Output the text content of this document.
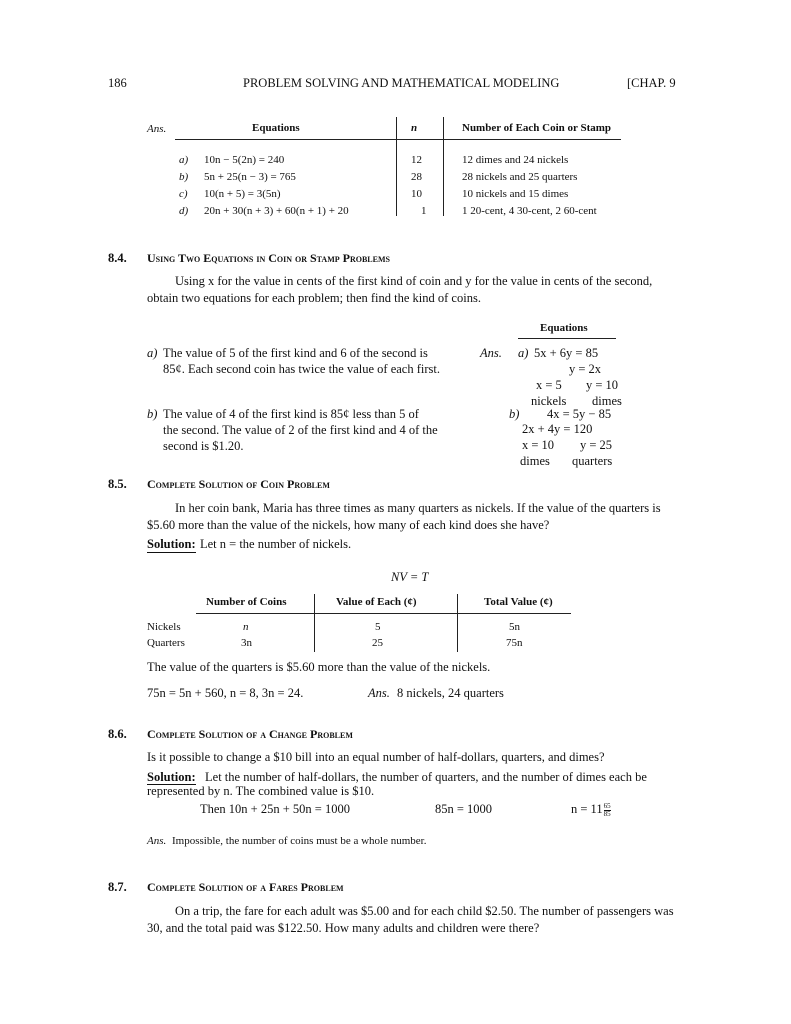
186	PROBLEM SOLVING AND MATHEMATICAL MODELING	[CHAP. 9
Ans.	Equations	n	Number of Each Coin or Stamp
a) 10n − 5(2n) = 240	12	12 dimes and 24 nickels
b) 5n + 25(n − 3) = 765	28	28 nickels and 25 quarters
c) 10(n + 5) = 3(5n)	10	10 nickels and 15 dimes
d) 20n + 30(n + 3) + 60(n + 1) + 20	1	1 20-cent, 4 30-cent, 2 60-cent
8.4. Using Two Equations in Coin or Stamp Problems
Using x for the value in cents of the first kind of coin and y for the value in cents of the second, obtain two equations for each problem; then find the kind of coins.
Equations
a) The value of 5 of the first kind and 6 of the second is
85¢. Each second coin has twice the value of each first.
Ans. a) 5x + 6y = 85
y = 2x
x = 5 y = 10
nickels dimes
b) The value of 4 of the first kind is 85¢ less than 5 of
the second. The value of 2 of the first kind and 4 of the
second is $1.20.
b) 4x = 5y − 85
2x + 4y = 120
x = 10 y = 25
dimes quarters
8.5. Complete Solution of Coin Problem
In her coin bank, Maria has three times as many quarters as nickels. If the value of the quarters is $5.60 more than the value of the nickels, how many of each kind does she have?
Solution: Let n = the number of nickels.
NV = T
Number of Coins	Value of Each (¢)	Total Value (¢)
Nickels	n	5	5n
Quarters	3n	25	75n
The value of the quarters is $5.60 more than the value of the nickels.
75n = 5n + 560, n = 8, 3n = 24.	Ans. 8 nickels, 24 quarters
8.6. Complete Solution of a Change Problem
Is it possible to change a $10 bill into an equal number of half-dollars, quarters, and dimes?
Solution: Let the number of half-dollars, the number of quarters, and the number of dimes each be represented by n. The combined value is $10.
Then 10n + 25n + 50n = 1000	85n = 1000	$n = 11 \frac{65}{85}$
Ans. Impossible, the number of coins must be a whole number.
8.7. Complete Solution of a Fares Problem
On a trip, the fare for each adult was $5.00 and for each child $2.50. The number of passengers was 30, and the total paid was $122.50. How many adults and children were there?
